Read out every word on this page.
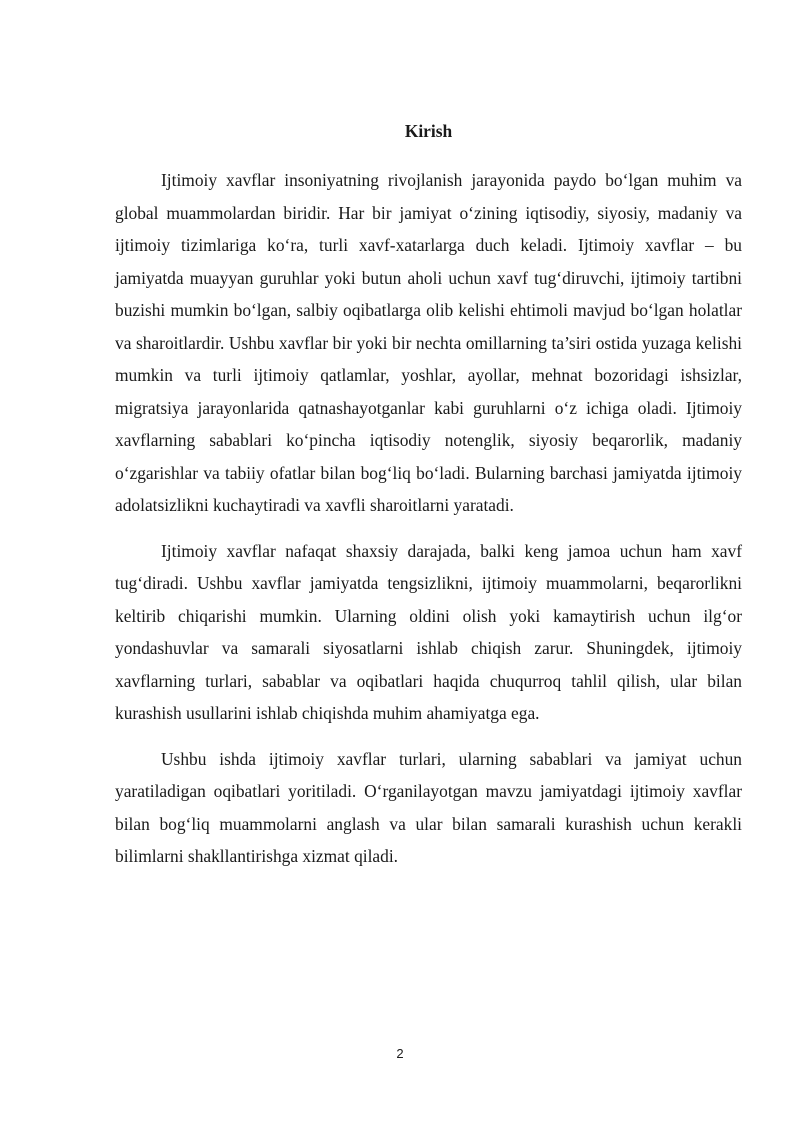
Kirish

Ijtimoiy xavflar insoniyatning rivojlanish jarayonida paydo bo‘lgan muhim va global muammolardan biridir. Har bir jamiyat o‘zining iqtisodiy, siyosiy, madaniy va ijtimoiy tizimlariga ko‘ra, turli xavf-xatarlarga duch keladi. Ijtimoiy xavflar – bu jamiyatda muayyan guruhlar yoki butun aholi uchun xavf tug‘diruvchi, ijtimoiy tartibni buzishi mumkin bo‘lgan, salbiy oqibatlarga olib kelishi ehtimoli mavjud bo‘lgan holatlar va sharoitlardir. Ushbu xavflar bir yoki bir nechta omillarning ta’siri ostida yuzaga kelishi mumkin va turli ijtimoiy qatlamlar, yoshlar, ayollar, mehnat bozoridagi ishsizlar, migratsiya jarayonlarida qatnashayotganlar kabi guruhlarni o‘z ichiga oladi. Ijtimoiy xavflarning sabablari ko‘pincha iqtisodiy notenglik, siyosiy beqarorlik, madaniy o‘zgarishlar va tabiiy ofatlar bilan bog‘liq bo‘ladi. Bularning barchasi jamiyatda ijtimoiy adolatsizlikni kuchaytiradi va xavfli sharoitlarni yaratadi.

Ijtimoiy xavflar nafaqat shaxsiy darajada, balki keng jamoa uchun ham xavf tug‘diradi. Ushbu xavflar jamiyatda tengsizlikni, ijtimoiy muammolarni, beqarorlikni keltirib chiqarishi mumkin. Ularning oldini olish yoki kamaytirish uchun ilg‘or yondashuvlar va samarali siyosatlarni ishlab chiqish zarur. Shuningdek, ijtimoiy xavflarning turlari, sabablar va oqibatlari haqida chuqurroq tahlil qilish, ular bilan kurashish usullarini ishlab chiqishda muhim ahamiyatga ega.

Ushbu ishda ijtimoiy xavflar turlari, ularning sabablari va jamiyat uchun yaratiladigan oqibatlari yoritiladi. O‘rganilayotgan mavzu jamiyatdagi ijtimoiy xavflar bilan bog‘liq muammolarni anglash va ular bilan samarali kurashish uchun kerakli bilimlarni shakllantirishga xizmat qiladi.

2
